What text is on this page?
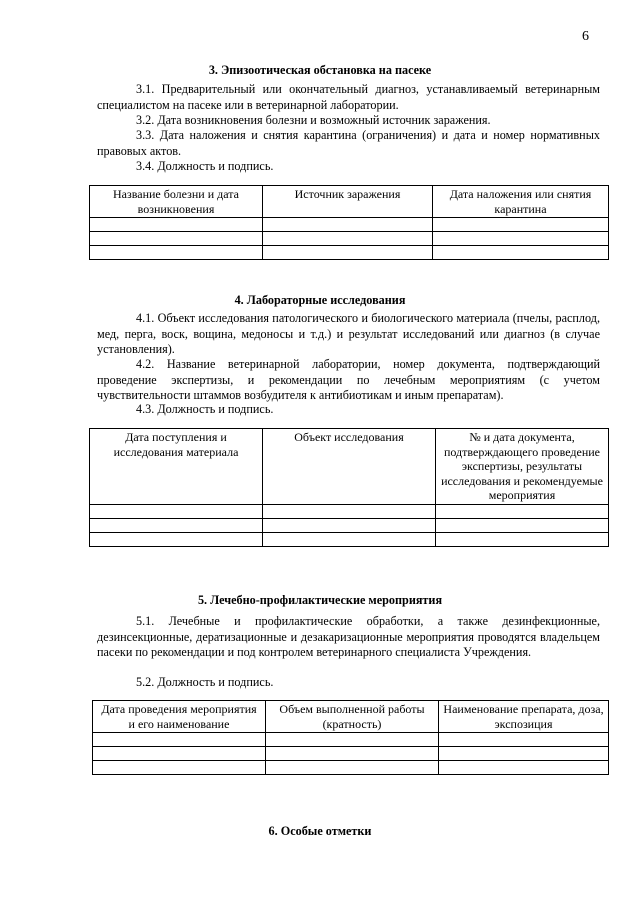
6
3. Эпизоотическая обстановка на пасеке
3.1. Предварительный или окончательный диагноз, устанавливаемый ветеринарным специалистом на пасеке или в ветеринарной лаборатории.
3.2. Дата возникновения болезни и возможный источник заражения.
3.3. Дата наложения и снятия карантина (ограничения) и дата и номер нормативных правовых актов.
3.4. Должность и подпись.
Название болезни и дата возникновения	Источник заражения	Дата наложения или снятия карантина

4. Лабораторные исследования
4.1. Объект исследования патологического и биологического материала (пчелы, расплод, мед, перга, воск, вощина, медоносы и т.д.) и результат исследований или диагноз (в случае установления).
4.2. Название ветеринарной лаборатории, номер документа, подтверждающий проведение экспертизы, и рекомендации по лечебным мероприятиям (с учетом чувствительности штаммов возбудителя к антибиотикам и иным препаратам).
4.3. Должность и подпись.
Дата поступления и исследования материала	Объект исследования	№ и дата документа, подтверждающего проведение экспертизы, результаты исследования и рекомендуемые мероприятия

5. Лечебно-профилактические мероприятия
5.1. Лечебные и профилактические обработки, а также дезинфекционные, дезинсекционные, дератизационные и дезакаризационные мероприятия проводятся владельцем пасеки по рекомендации и под контролем ветеринарного специалиста Учреждения.
5.2. Должность и подпись.
Дата проведения мероприятия и его наименование	Объем выполненной работы (кратность)	Наименование препарата, доза, экспозиция

6. Особые отметки
